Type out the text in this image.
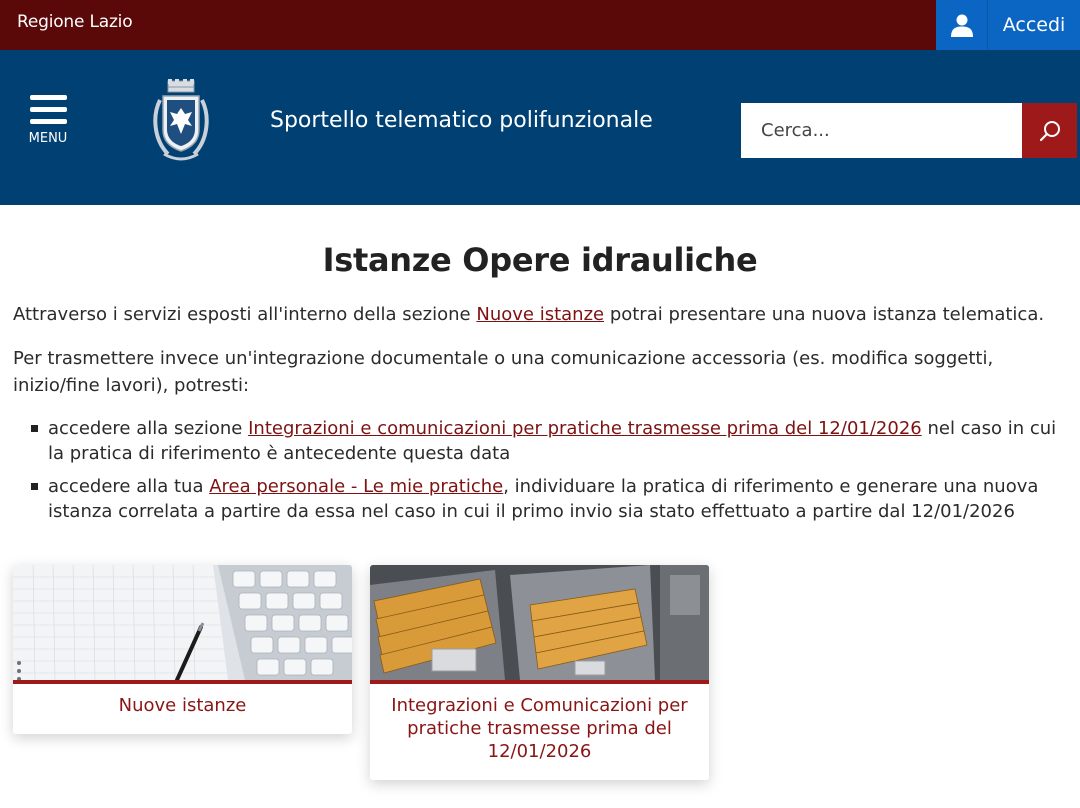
Regione Lazio	Accedi
MENU
Sportello telematico polifunzionale
Cerca...
Istanze Opere idrauliche

Attraverso i servizi esposti all'interno della sezione Nuove istanze potrai presentare una nuova istanza telematica.

Per trasmettere invece un'integrazione documentale o una comunicazione accessoria (es. modifica soggetti, inizio/fine lavori), potresti:

accedere alla sezione Integrazioni e comunicazioni per pratiche trasmesse prima del 12/01/2026 nel caso in cui la pratica di riferimento è antecedente questa data
accedere alla tua Area personale - Le mie pratiche, individuare la pratica di riferimento e generare una nuova istanza correlata a partire da essa nel caso in cui il primo invio sia stato effettuato a partire dal 12/01/2026
Nuove istanze	Integrazioni e Comunicazioni per pratiche trasmesse prima del 12/01/2026
